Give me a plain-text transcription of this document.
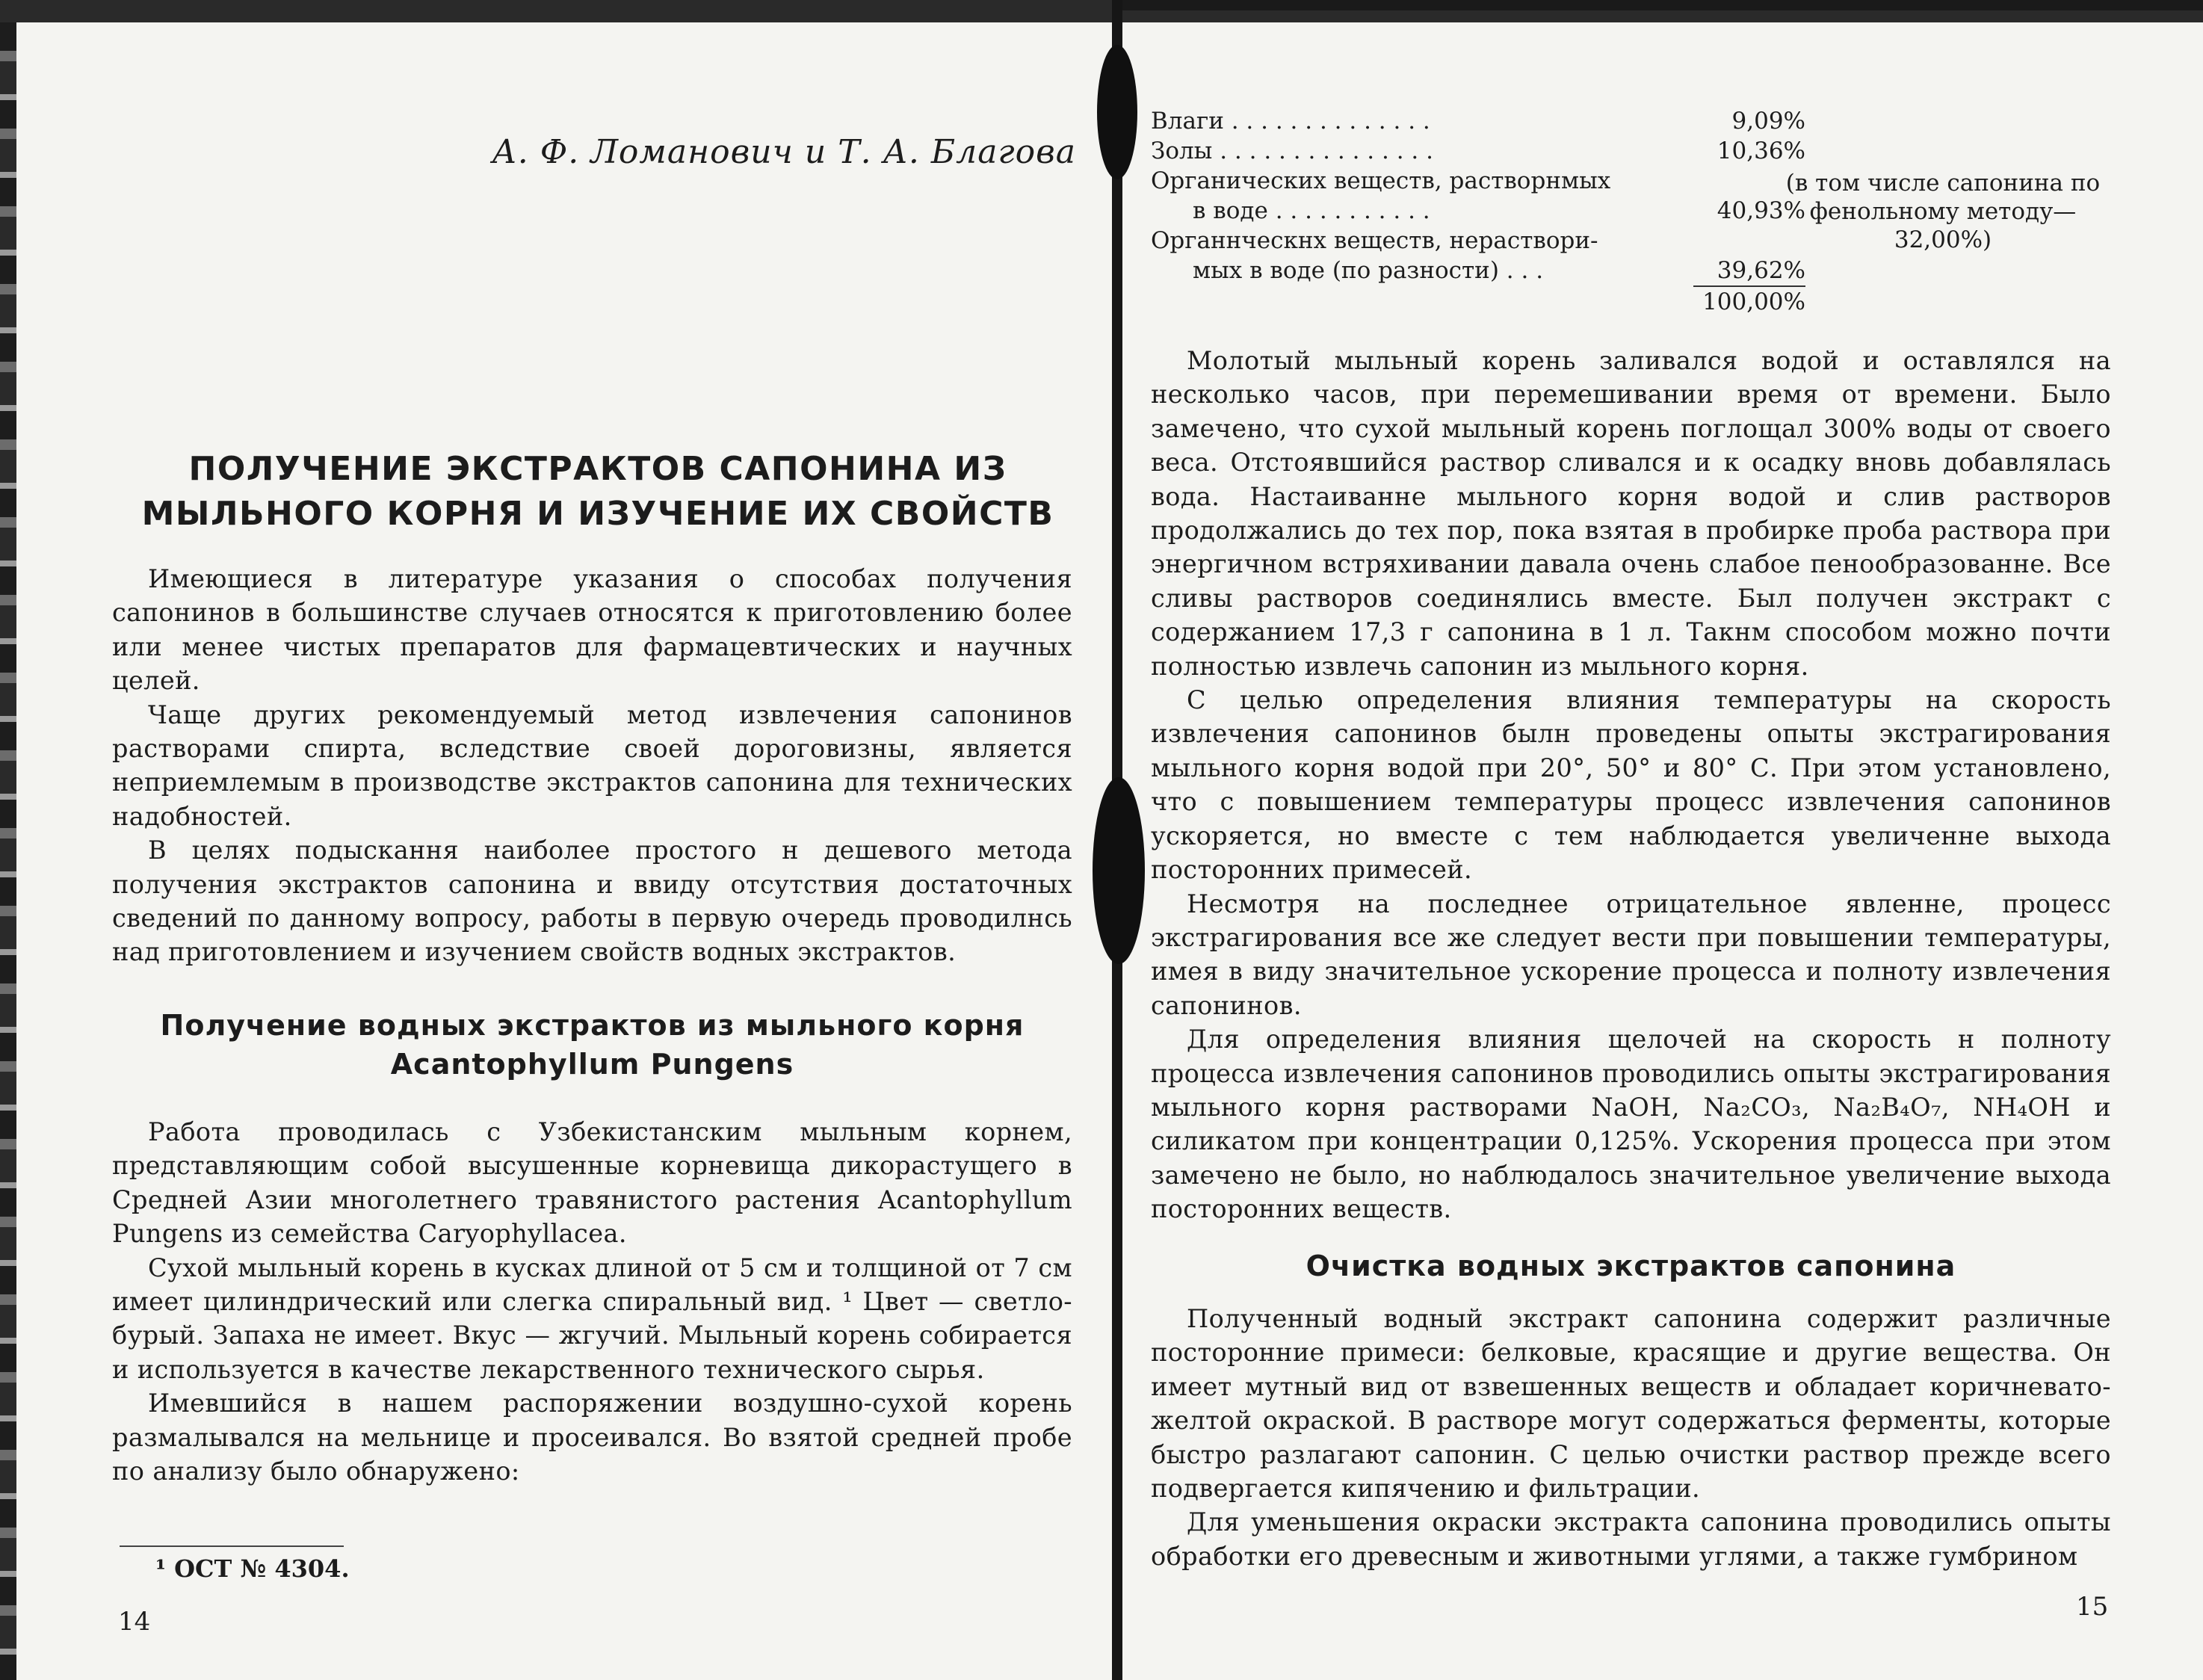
А. Ф. Ломанович и Т. А. Благова

ПОЛУЧЕНИЕ ЭКСТРАКТОВ САПОНИНА ИЗ МЫЛЬНОГО КОРНЯ И ИЗУЧЕНИЕ ИХ СВОЙСТВ

Имеющиеся в литературе указания о способах получения сапонинов в большинстве случаев относятся к приготовлению более или менее чистых препаратов для фармацевтических и научных целей.

Чаще других рекомендуемый метод извлечения сапонинов растворами спирта, вследствие своей дороговизны, является неприемлемым в производстве экстрактов сапонина для технических надобностей.

В целях подыскання наиболее простого н дешевого метода получения экстрактов сапонина и ввиду отсутствия достаточных сведений по данному вопросу, работы в первую очередь проводилнсь над приготовлением и изучением свойств водных экстрактов.

Получение водных экстрактов из мыльного корня Acantophyllum Pungens

Работа проводилась с Узбекистанским мыльным корнем, представляющим собой высушенные корневища дикорастущего в Средней Азии многолетнего травянистого растения Acantophyllum Pungens из семейства Caryophyllacea.

Сухой мыльный корень в кусках длиной от 5 см и толщиной от 7 см имеет цилиндрический или слегка спиральный вид. ¹ Цвет — светло-бурый. Запаха не имеет. Вкус — жгучий. Мыльный корень собирается и используется в качестве лекарственного технического сырья.

Имевшийся в нашем распоряжении воздушно-сухой корень размалывался на мельнице и просеивался. Во взятой средней пробе по анализу было обнаружено:

¹ ОСТ № 4304.

14

Влаги . . . . . . . . . . . . . .	9,09%
Золы . . . . . . . . . . . . . . .	10,36%
Органических веществ, растворнмых	
в воде . . . . . . . . . . .	40,93%
Органнческнх веществ, нераствори-	
мых в воде (по разности) . . .	39,62%
	100,00%

(в том числе сапонина по фенольному методу— 32,00%)

Молотый мыльный корень заливался водой и оставлялся на несколько часов, при перемешивании время от времени. Было замечено, что сухой мыльный корень поглощал 300% воды от своего веса. Отстоявшийся раствор сливался и к осадку вновь добавлялась вода. Настаиванне мыльного корня водой и слив растворов продолжались до тех пор, пока взятая в пробирке проба раствора при энергичном встряхивании давала очень слабое пенообразованне. Все сливы растворов соединялись вместе. Был получен экстракт с содержанием 17,3 г сапонина в 1 л. Такнм способом можно почти полностью извлечь сапонин из мыльного корня.

С целью определения влияния температуры на скорость извлечения сапонинов былн проведены опыты экстрагирования мыльного корня водой при 20°, 50° и 80° С. При этом установлено, что с повышением температуры процесс извлечения сапонинов ускоряется, но вместе с тем наблюдается увеличенне выхода посторонних примесей.

Несмотря на последнее отрицательное явленне, процесс экстрагирования все же следует вести при повышении температуры, имея в виду значительное ускорение процесса и полноту извлечения сапонинов.

Для определения влияния щелочей на скорость н полноту процесса извлечения сапонинов проводились опыты экстрагирования мыльного корня растворами NaOH, Na₂CO₃, Na₂B₄O₇, NH₄OH и силикатом при концентрации 0,125%. Ускорения процесса при этом замечено не было, но наблюдалось значительное увеличение выхода посторонних веществ.

Очистка водных экстрактов сапонина

Полученный водный экстракт сапонина содержит различные посторонние примеси: белковые, красящие и другие вещества. Он имеет мутный вид от взвешенных веществ и обладает коричневато-желтой окраской. В растворе могут содержаться ферменты, которые быстро разлагают сапонин. С целью очистки раствор прежде всего подвергается кипячению и фильтрации.

Для уменьшения окраски экстракта сапонина проводились опыты обработки его древесным и животными углями, а также гумбрином

15
